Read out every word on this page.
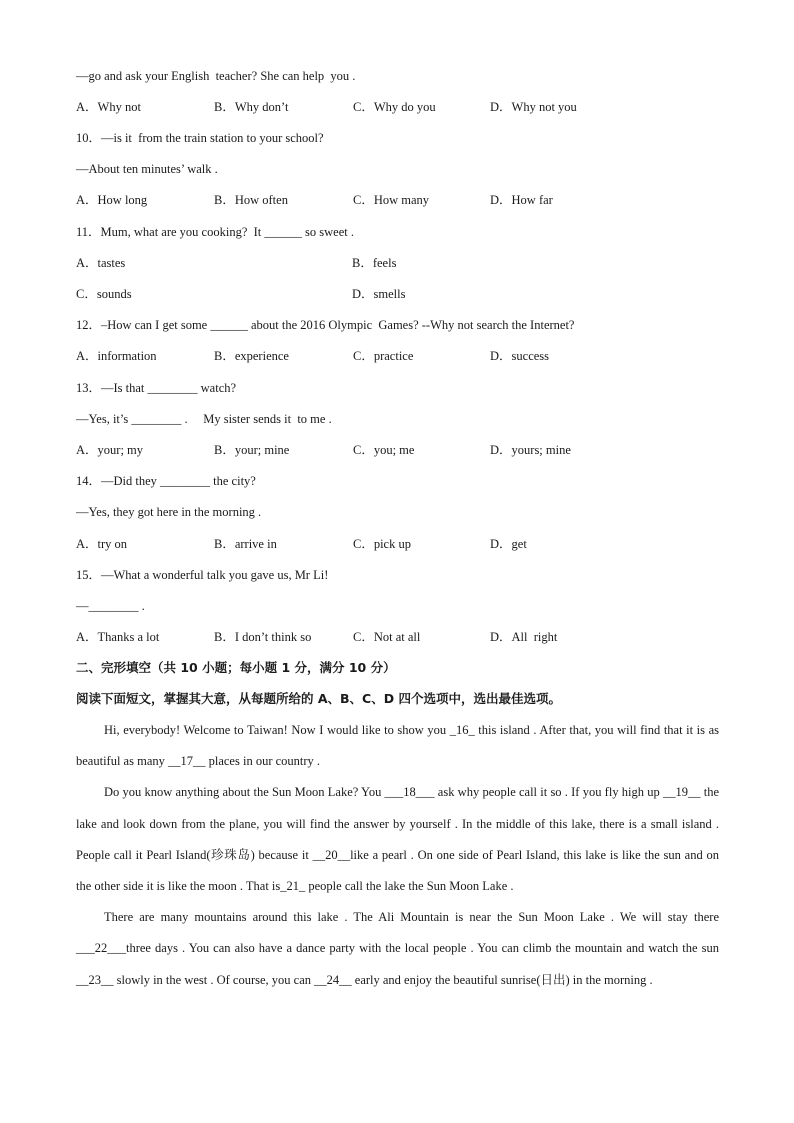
—go and ask your English  teacher? She can help  you .
A．Why not	B．Why don’t	C．Why do you	D．Why not you
10．—is it  from the train station to your school?
—About ten minutes’ walk .
A．How long	B．How often	C．How many	D．How far
11．Mum, what are you cooking?  It ______ so sweet .
A．tastes	B．feels
C．sounds	D．smells
12．–How can I get some ______ about the 2016 Olympic  Games? --Why not search the Internet?
A．information	B．experience	C．practice	D．success
13．—Is that ________ watch?
—Yes, it’s ________ .     My sister sends it  to me .
A．your; my	B．your; mine	C．you; me	D．yours; mine
14．—Did they ________ the city?
—Yes, they got here in the morning .
A．try on	B．arrive in	C．pick up	D．get
15．—What a wonderful talk you gave us, Mr Li!
—________ .
A．Thanks a lot	B．I don’t think so	C．Not at all	D．All  right
二、完形填空（共 10 小题；每小题 1 分，满分 10 分）
阅读下面短文，掌握其大意，从每题所给的 A、B、C、D 四个选项中，选出最佳选项。

Hi, everybody! Welcome to Taiwan! Now I would like to show you _16_ this island . After that, you will find that it is as beautiful as many __17__ places in our country .

Do you know anything about the Sun Moon Lake? You ___18___ ask why people call it so . If you fly high up __19__ the lake and look down from the plane, you will find the answer by yourself . In the middle of this lake, there is a small island . People call it Pearl Island(珍珠岛) because it __20__like a pearl . On one side of Pearl Island, this lake is like the sun and on the other side it is like the moon . That is_21_ people call the lake the Sun Moon Lake .

There are many mountains around this lake . The Ali Mountain is near the Sun Moon Lake . We will stay there ___22___three days . You can also have a dance party with the local people . You can climb the mountain and watch the sun __23__ slowly in the west . Of course, you can __24__ early and enjoy the beautiful sunrise(日出) in the morning .
